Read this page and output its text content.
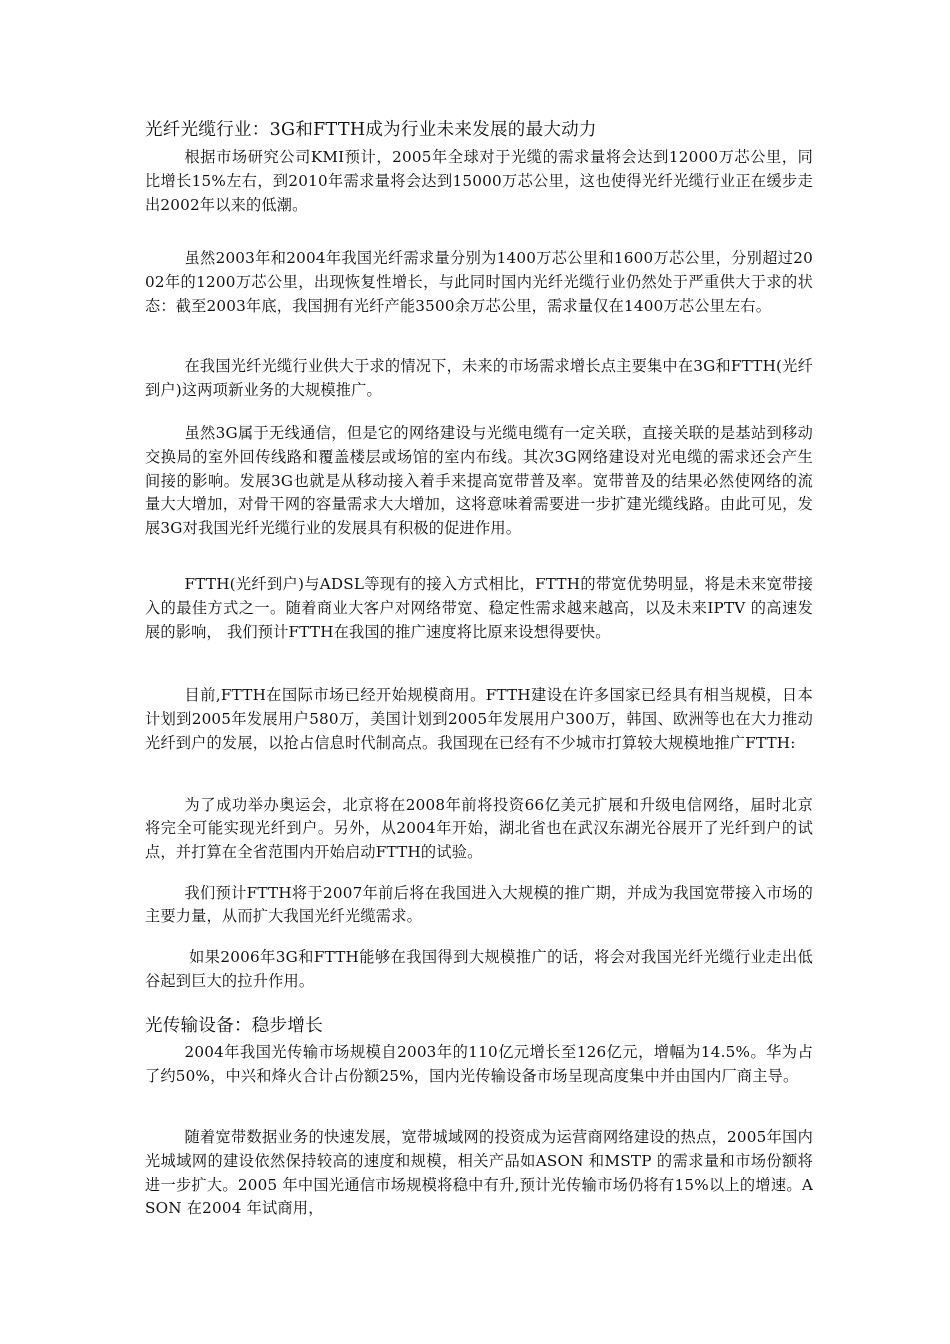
光纤光缆行业：3G和FTTH成为行业未来发展的最大动力

根据市场研究公司KMI预计，2005年全球对于光缆的需求量将会达到12000万芯公里，同比增长15%左右，到2010年需求量将会达到15000万芯公里，这也使得光纤光缆行业正在缓步走出2002年以来的低潮。

虽然2003年和2004年我国光纤需求量分别为1400万芯公里和1600万芯公里，分别超过2002年的1200万芯公里，出现恢复性增长，与此同时国内光纤光缆行业仍然处于严重供大于求的状态：截至2003年底，我国拥有光纤产能3500余万芯公里，需求量仅在1400万芯公里左右。

在我国光纤光缆行业供大于求的情况下，未来的市场需求增长点主要集中在3G和FTTH(光纤到户)这两项新业务的大规模推广。

虽然3G属于无线通信，但是它的网络建设与光缆电缆有一定关联，直接关联的是基站到移动交换局的室外回传线路和覆盖楼层或场馆的室内布线。其次3G网络建设对光电缆的需求还会产生间接的影响。发展3G也就是从移动接入着手来提高宽带普及率。宽带普及的结果必然使网络的流量大大增加，对骨干网的容量需求大大增加，这将意味着需要进一步扩建光缆线路。由此可见，发展3G对我国光纤光缆行业的发展具有积极的促进作用。

FTTH(光纤到户)与ADSL等现有的接入方式相比，FTTH的带宽优势明显，将是未来宽带接入的最佳方式之一。随着商业大客户对网络带宽、稳定性需求越来越高，以及未来IPTV 的高速发展的影响， 我们预计FTTH在我国的推广速度将比原来设想得要快。

目前,FTTH在国际市场已经开始规模商用。FTTH建设在许多国家已经具有相当规模，日本计划到2005年发展用户580万，美国计划到2005年发展用户300万，韩国、欧洲等也在大力推动光纤到户的发展，以抢占信息时代制高点。我国现在已经有不少城市打算较大规模地推广FTTH:

为了成功举办奥运会，北京将在2008年前将投资66亿美元扩展和升级电信网络，届时北京将完全可能实现光纤到户。另外，从2004年开始，湖北省也在武汉东湖光谷展开了光纤到户的试点，并打算在全省范围内开始启动FTTH的试验。

我们预计FTTH将于2007年前后将在我国进入大规模的推广期，并成为我国宽带接入市场的主要力量，从而扩大我国光纤光缆需求。

如果2006年3G和FTTH能够在我国得到大规模推广的话，将会对我国光纤光缆行业走出低谷起到巨大的拉升作用。

光传输设备：稳步增长

2004年我国光传输市场规模自2003年的110亿元增长至126亿元，增幅为14.5%。华为占了约50%，中兴和烽火合计占份额25%，国内光传输设备市场呈现高度集中并由国内厂商主导。

随着宽带数据业务的快速发展，宽带城域网的投资成为运营商网络建设的热点，2005年国内光城域网的建设依然保持较高的速度和规模，相关产品如ASON 和MSTP 的需求量和市场份额将进一步扩大。2005 年中国光通信市场规模将稳中有升,预计光传输市场仍将有15%以上的增速。ASON 在2004 年试商用，
